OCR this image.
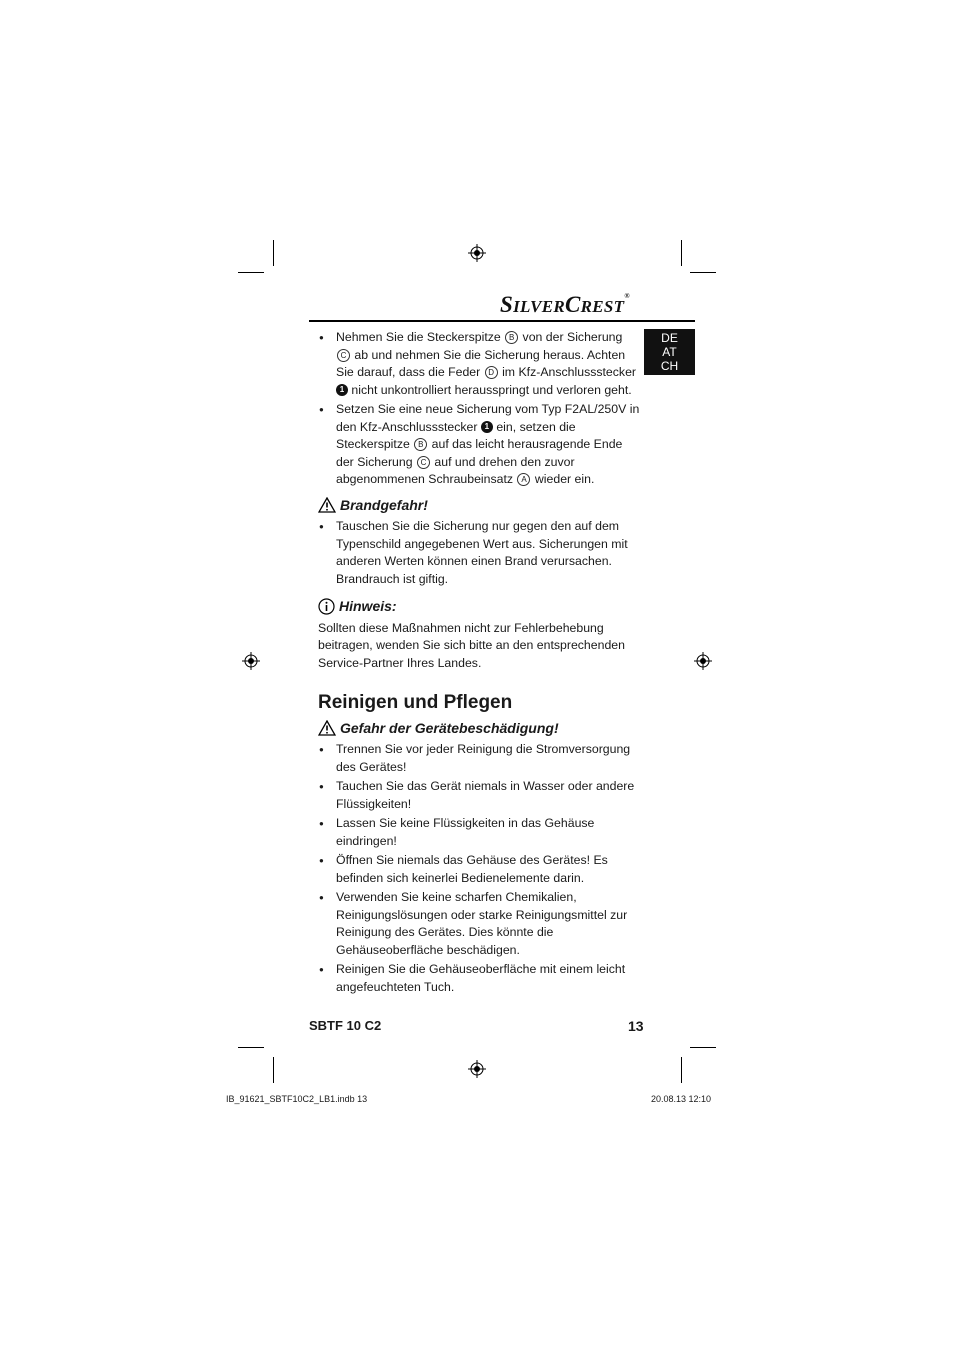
SILVERCREST®
DE
AT
CH
● Nehmen Sie die Steckerspitze B von der Sicherung C ab und nehmen Sie die Sicherung heraus. Achten Sie darauf, dass die Feder D im Kfz-Anschlussstecker 1 nicht unkontrolliert herausspringt und verloren geht.
● Setzen Sie eine neue Sicherung vom Typ F2AL/250V in den Kfz-Anschlussstecker 1 ein, setzen die Steckerspitze B auf das leicht herausragende Ende der Sicherung C auf und drehen den zuvor abgenommenen Schraubeinsatz A wieder ein.
Brandgefahr!
● Tauschen Sie die Sicherung nur gegen den auf dem Typenschild angegebenen Wert aus. Sicherungen mit anderen Werten können einen Brand verursachen. Brandrauch ist giftig.
Hinweis:

Sollten diese Maßnahmen nicht zur Fehlerbehebung beitragen, wenden Sie sich bitte an den entsprechenden Service-Partner Ihres Landes.

Reinigen und Pflegen
Gefahr der Gerätebeschädigung!
● Trennen Sie vor jeder Reinigung die Stromversorgung des Gerätes!
● Tauchen Sie das Gerät niemals in Wasser oder andere Flüssigkeiten!
● Lassen Sie keine Flüssigkeiten in das Gehäuse eindringen!
● Öffnen Sie niemals das Gehäuse des Gerätes! Es befinden sich keinerlei Bedienelemente darin.
● Verwenden Sie keine scharfen Chemikalien, Reinigungslösungen oder starke Reinigungsmittel zur Reinigung des Gerätes. Dies könnte die Gehäuseoberfläche beschädigen.
● Reinigen Sie die Gehäuseoberfläche mit einem leicht angefeuchteten Tuch.
SBTF 10 C2	13
IB_91621_SBTF10C2_LB1.indb 13	20.08.13 12:10
